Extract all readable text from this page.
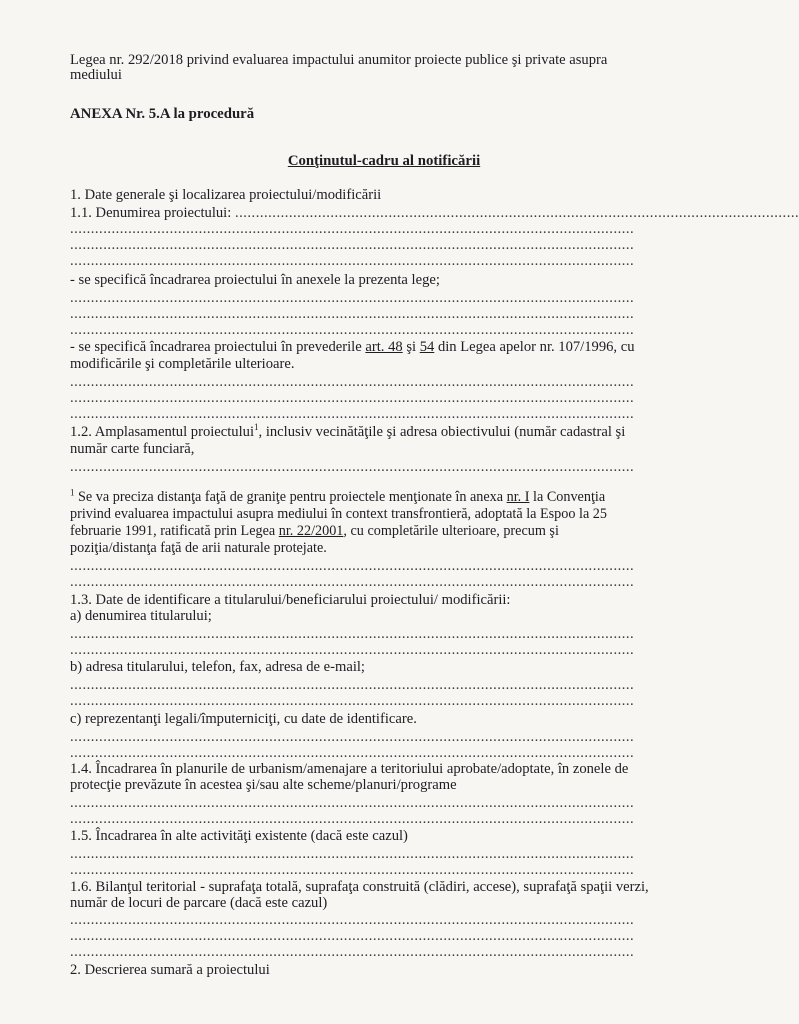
Legea nr. 292/2018 privind evaluarea impactului anumitor proiecte publice şi private asupra
mediului
ANEXA Nr. 5.A la procedură
Conţinutul-cadru al notificării
1. Date generale şi localizarea proiectului/modificării
1.1. Denumirea proiectului: ........................................................................................................................................
........................................................................................................................................
........................................................................................................................................
........................................................................................................................................
- se specifică încadrarea proiectului în anexele la prezenta lege;
........................................................................................................................................
........................................................................................................................................
........................................................................................................................................
- se specifică încadrarea proiectului în prevederile art. 48 şi 54 din Legea apelor nr. 107/1996, cu
modificările şi completările ulterioare.
........................................................................................................................................
........................................................................................................................................
........................................................................................................................................
1.2. Amplasamentul proiectului$^1$, inclusiv vecinătăţile şi adresa obiectivului (număr cadastral şi
număr carte funciară,
........................................................................................................................................
$^1$ Se va preciza distanţa faţă de graniţe pentru proiectele menţionate în anexa nr. I la Convenţia
privind evaluarea impactului asupra mediului în context transfrontieră, adoptată la Espoo la 25
februarie 1991, ratificată prin Legea nr. 22/2001, cu completările ulterioare, precum şi
poziţia/distanţa faţă de arii naturale protejate.
........................................................................................................................................
........................................................................................................................................
1.3. Date de identificare a titularului/beneficiarului proiectului/ modificării:
a) denumirea titularului;
........................................................................................................................................
........................................................................................................................................
b) adresa titularului, telefon, fax, adresa de e-mail;
........................................................................................................................................
........................................................................................................................................
c) reprezentanţi legali/împuterniciţi, cu date de identificare.
........................................................................................................................................
........................................................................................................................................
1.4. Încadrarea în planurile de urbanism/amenajare a teritoriului aprobate/adoptate, în zonele de
protecţie prevăzute în acestea şi/sau alte scheme/planuri/programe
........................................................................................................................................
........................................................................................................................................
1.5. Încadrarea în alte activităţi existente (dacă este cazul)
........................................................................................................................................
........................................................................................................................................
1.6. Bilanţul teritorial - suprafaţa totală, suprafaţa construită (clădiri, accese), suprafaţă spaţii verzi,
număr de locuri de parcare (dacă este cazul)
........................................................................................................................................
........................................................................................................................................
........................................................................................................................................
2. Descrierea sumară a proiectului
